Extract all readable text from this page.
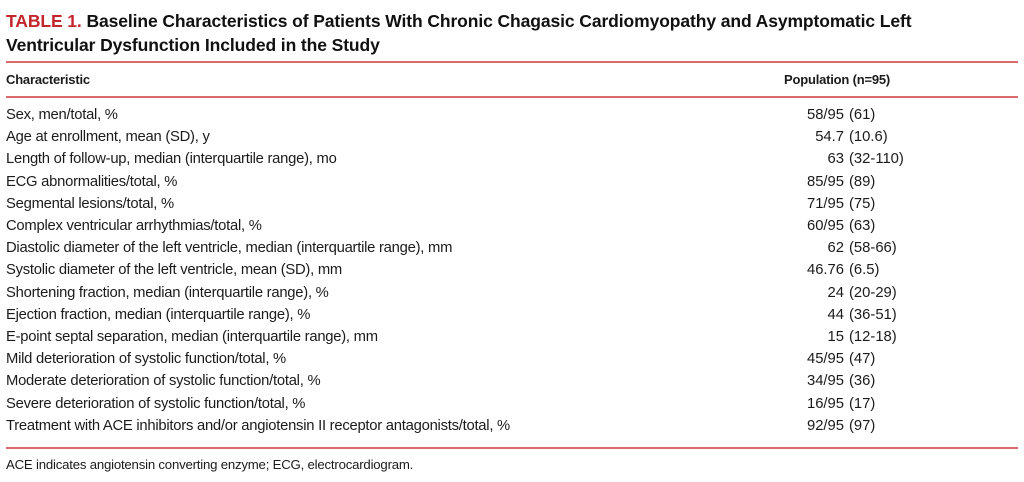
TABLE 1. Baseline Characteristics of Patients With Chronic Chagasic Cardiomyopathy and Asymptomatic Left
Ventricular Dysfunction Included in the Study
Characteristic	Population (n=95)
Sex, men/total, %	58/95 (61)
Age at enrollment, mean (SD), y	54.7 (10.6)
Length of follow-up, median (interquartile range), mo	63 (32-110)
ECG abnormalities/total, %	85/95 (89)
Segmental lesions/total, %	71/95 (75)
Complex ventricular arrhythmias/total, %	60/95 (63)
Diastolic diameter of the left ventricle, median (interquartile range), mm	62 (58-66)
Systolic diameter of the left ventricle, mean (SD), mm	46.76 (6.5)
Shortening fraction, median (interquartile range), %	24 (20-29)
Ejection fraction, median (interquartile range), %	44 (36-51)
E-point septal separation, median (interquartile range), mm	15 (12-18)
Mild deterioration of systolic function/total, %	45/95 (47)
Moderate deterioration of systolic function/total, %	34/95 (36)
Severe deterioration of systolic function/total, %	16/95 (17)
Treatment with ACE inhibitors and/or angiotensin II receptor antagonists/total, %	92/95 (97)
ACE indicates angiotensin converting enzyme; ECG, electrocardiogram.
